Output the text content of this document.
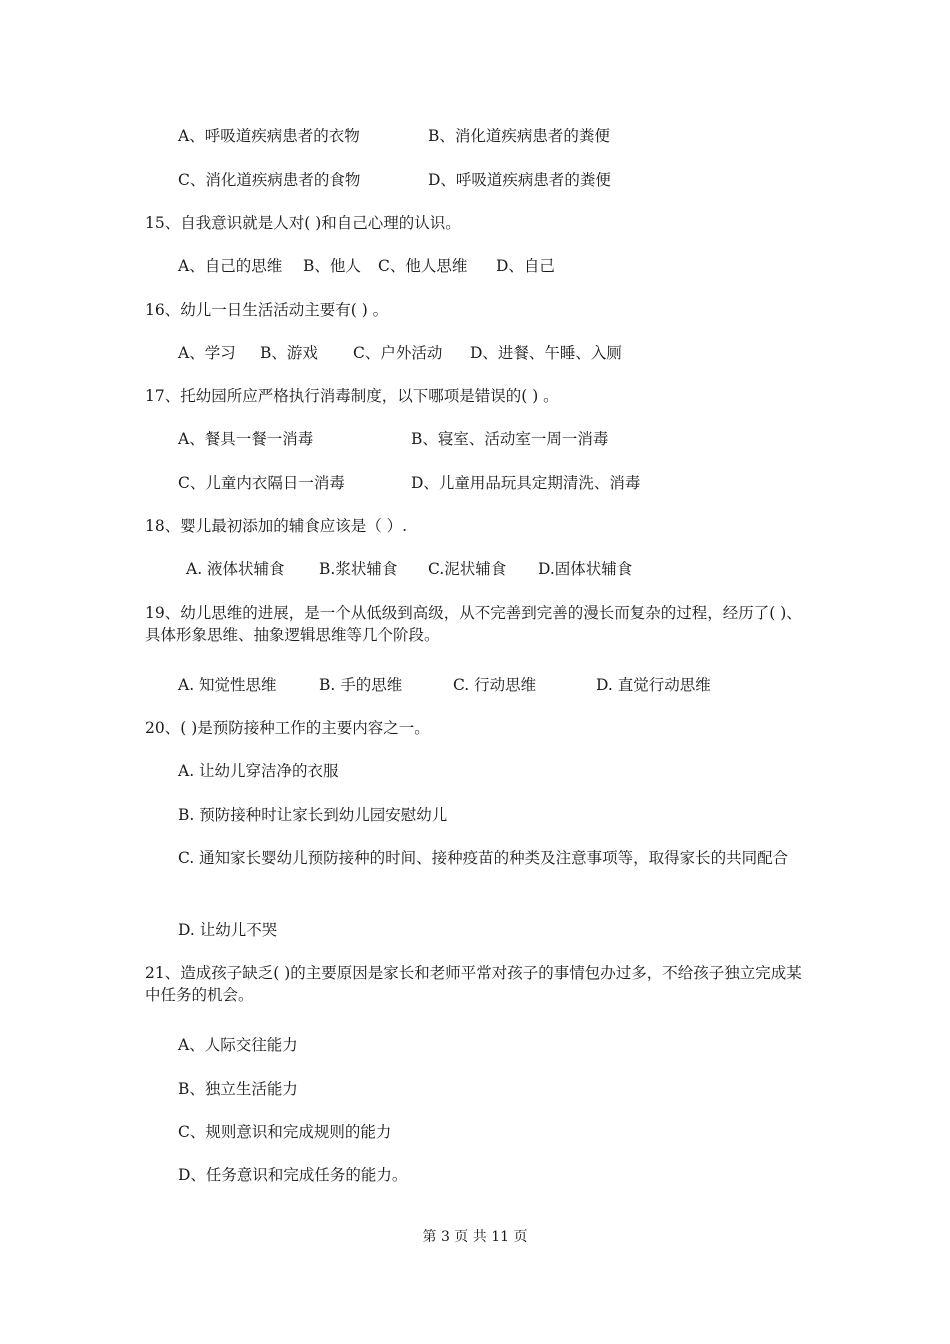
A、呼吸道疾病患者的衣物	B、消化道疾病患者的粪便
C、消化道疾病患者的食物	D、呼吸道疾病患者的粪便
15、自我意识就是人对( )和自己心理的认识。
A、自己的思维 B、他人 C、他人思维 D、自己
16、幼儿一日生活活动主要有( ) 。
A、学习 B、游戏 C、户外活动 D、进餐、午睡、入厕
17、托幼园所应严格执行消毒制度，以下哪项是错误的( ) 。
A、餐具一餐一消毒	B、寝室、活动室一周一消毒
C、儿童内衣隔日一消毒	D、儿童用品玩具定期清洗、消毒
18、婴儿最初添加的辅食应该是（ ）.
A. 液体状辅食 B.浆状辅食 C.泥状辅食 D.固体状辅食
19、幼儿思维的进展，是一个从低级到高级，从不完善到完善的漫长而复杂的过程，经历了( )、具体形象思维、抽象逻辑思维等几个阶段。
A. 知觉性思维	B. 手的思维	C. 行动思维	D. 直觉行动思维
20、( )是预防接种工作的主要内容之一。
A. 让幼儿穿洁净的衣服
B. 预防接种时让家长到幼儿园安慰幼儿
C. 通知家长婴幼儿预防接种的时间、接种疫苗的种类及注意事项等，取得家长的共同配合
D. 让幼儿不哭
21、造成孩子缺乏( )的主要原因是家长和老师平常对孩子的事情包办过多，不给孩子独立完成某中任务的机会。
A、人际交往能力
B、独立生活能力
C、规则意识和完成规则的能力
D、任务意识和完成任务的能力。
第 3 页 共 11 页
